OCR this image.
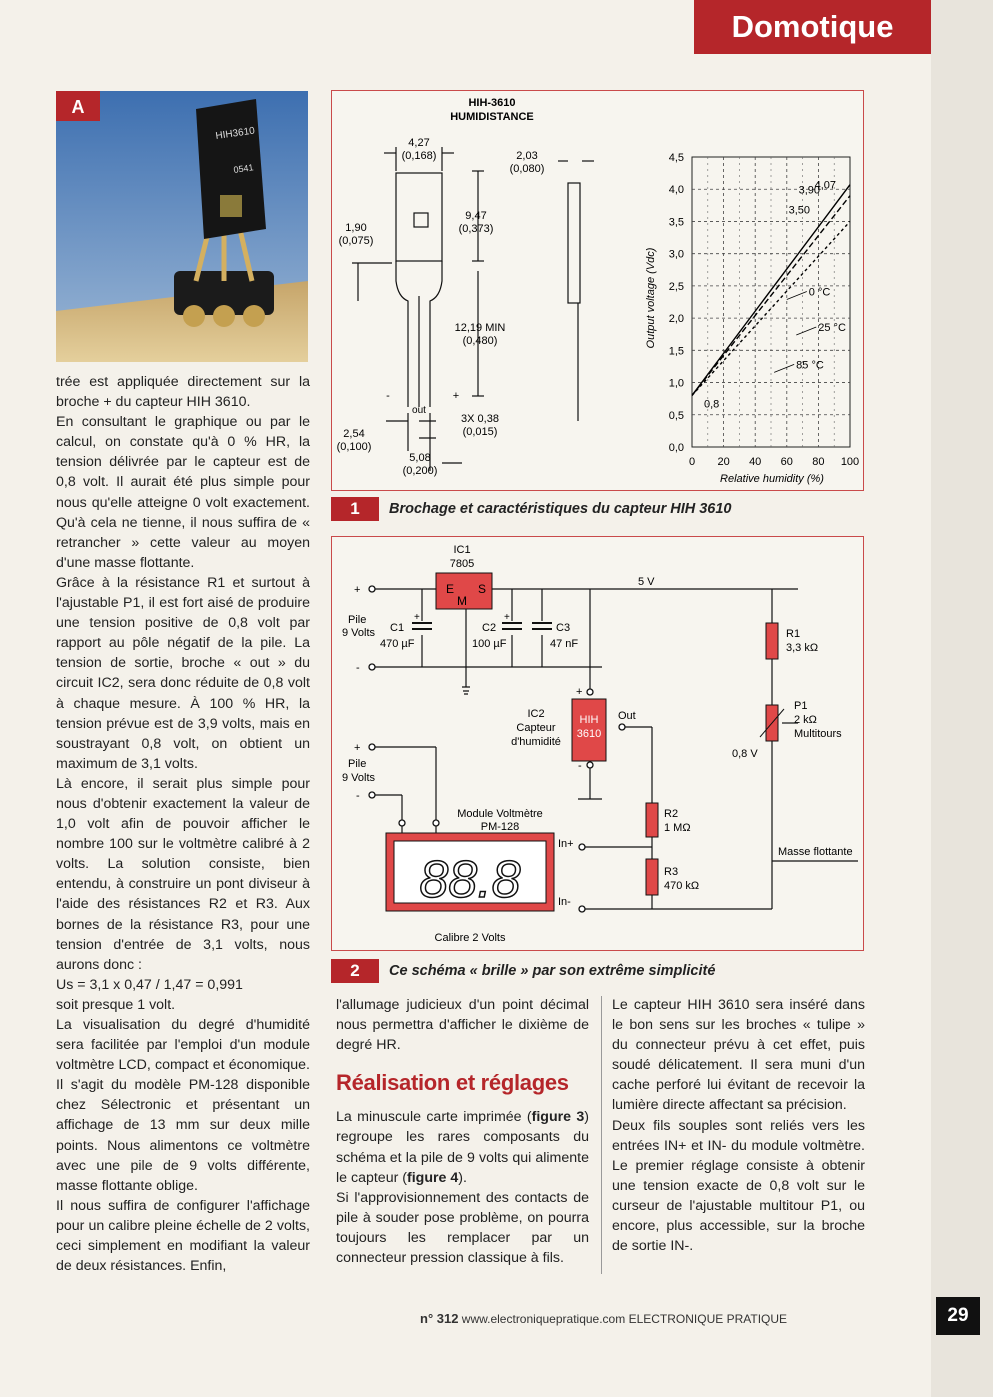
Domotique
HIH3610
0541
A

trée est appliquée directement sur la broche + du capteur HIH 3610.

En consultant le graphique ou par le calcul, on constate qu'à 0 % HR, la tension délivrée par le capteur est de 0,8 volt. Il aurait été plus simple pour nous qu'elle atteigne 0 volt exactement. Qu'à cela ne tienne, il nous suffira de « retrancher » cette valeur au moyen d'une masse flottante.

Grâce à la résistance R1 et surtout à l'ajustable P1, il est fort aisé de produire une tension positive de 0,8 volt par rapport au pôle négatif de la pile. La tension de sortie, broche « out » du circuit IC2, sera donc réduite de 0,8 volt à chaque mesure. À 100 % HR, la tension prévue est de 3,9 volts, mais en soustrayant 0,8 volt, on obtient un maximum de 3,1 volts.

Là encore, il serait plus simple pour nous d'obtenir exactement la valeur de 1,0 volt afin de pouvoir afficher le nombre 100 sur le voltmètre calibré à 2 volts. La solution consiste, bien entendu, à construire un pont diviseur à l'aide des résistances R2 et R3. Aux bornes de la résistance R3, pour une tension d'entrée de 3,1 volts, nous aurons donc :

Us = 3,1 x 0,47 / 1,47 = 0,991

soit presque 1 volt.

La visualisation du degré d'humidité sera facilitée par l'emploi d'un module voltmètre LCD, compact et économique. Il s'agit du modèle PM-128 disponible chez Sélectronic et présentant un affichage de 13 mm sur deux mille points. Nous alimentons ce voltmètre avec une pile de 9 volts différente, masse flottante oblige.

Il nous suffira de configurer l'affichage pour un calibre pleine échelle de 2 volts, ceci simplement en modifiant la valeur de deux résistances. Enfin,

HIH-3610
HUMIDISTANCE
4,27
(0,168)	2,03
(0,080)
9,47
(0,373)
1,90
(0,075)
12,19 MIN
(0,480)
2,54
(0,100)
5,08
(0,200)
3X 0,38
(0,015)
-
out
+
0 20 40 60 80 100
0,0
0,5
1,0
1,5
2,0
2,5
3,0
3,5
4,0
4,5
0 °C
25 °C
85 °C
4,07
3,90
3,50
0,8
Output voltage (Vdc)
Relative humidity (%)
1	Brochage et caractéristiques du capteur HIH 3610
88.8
IC1
7805
E S
M
5 V
+
-
Pile
9 Volts C1
470 µF
C2
100 µF
C3
47 nF
+	+
R1
3,3 kΩ
P1
2 kΩ
Multitours
IC2
Capteur
d'humidité
HIH
3610
Out
+
-
0,8 V
+
-
Pile
9 Volts
Module Voltmètre
PM-128
In+
In-
R2
1 MΩ
R3
470 kΩ
Masse flottante
Calibre 2 Volts
2	Ce schéma « brille » par son extrême simplicité

l'allumage judicieux d'un point décimal nous permettra d'afficher le dixième de degré HR.

Réalisation et réglages

La minuscule carte imprimée (figure 3) regroupe les rares composants du schéma et la pile de 9 volts qui alimente le capteur (figure 4).

Si l'approvisionnement des contacts de pile à souder pose problème, on pourra toujours les remplacer par un connecteur pression classique à fils.

Le capteur HIH 3610 sera inséré dans le bon sens sur les broches « tulipe » du connecteur prévu à cet effet, puis soudé délicatement. Il sera muni d'un cache perforé lui évitant de recevoir la lumière directe affectant sa précision.

Deux fils souples sont reliés vers les entrées IN+ et IN- du module voltmètre. Le premier réglage consiste à obtenir une tension exacte de 0,8 volt sur le curseur de l'ajustable multitour P1, ou encore, plus accessible, sur la broche de sortie IN-.

n° 312 www.electroniquepratique.com ELECTRONIQUE PRATIQUE	29
